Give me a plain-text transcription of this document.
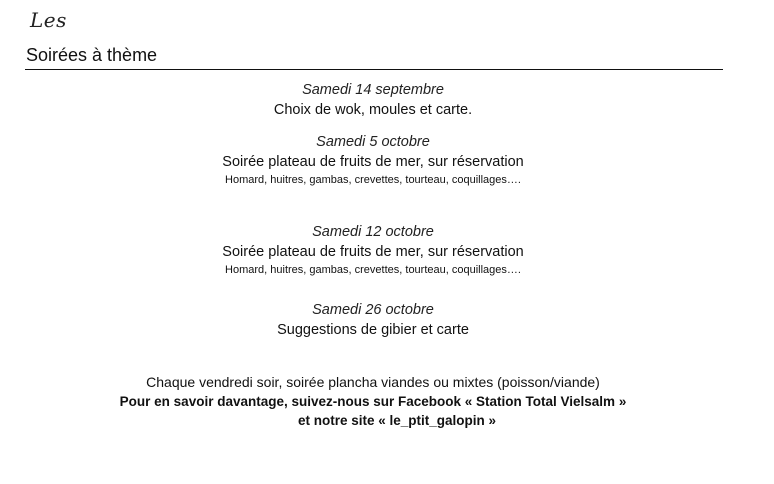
Les
Soirées à thème
Samedi 14 septembre
Choix de wok, moules et carte.
Samedi 5 octobre
Soirée plateau de fruits de mer, sur réservation
Homard, huitres, gambas, crevettes, tourteau, coquillages….
Samedi 12 octobre
Soirée plateau de fruits de mer, sur réservation
Homard, huitres, gambas, crevettes, tourteau, coquillages….
Samedi 26 octobre
Suggestions de gibier et carte
Chaque vendredi soir, soirée plancha viandes ou mixtes (poisson/viande)
Pour en savoir davantage, suivez-nous sur Facebook « Station Total Vielsalm »
et notre site « le_ptit_galopin »
